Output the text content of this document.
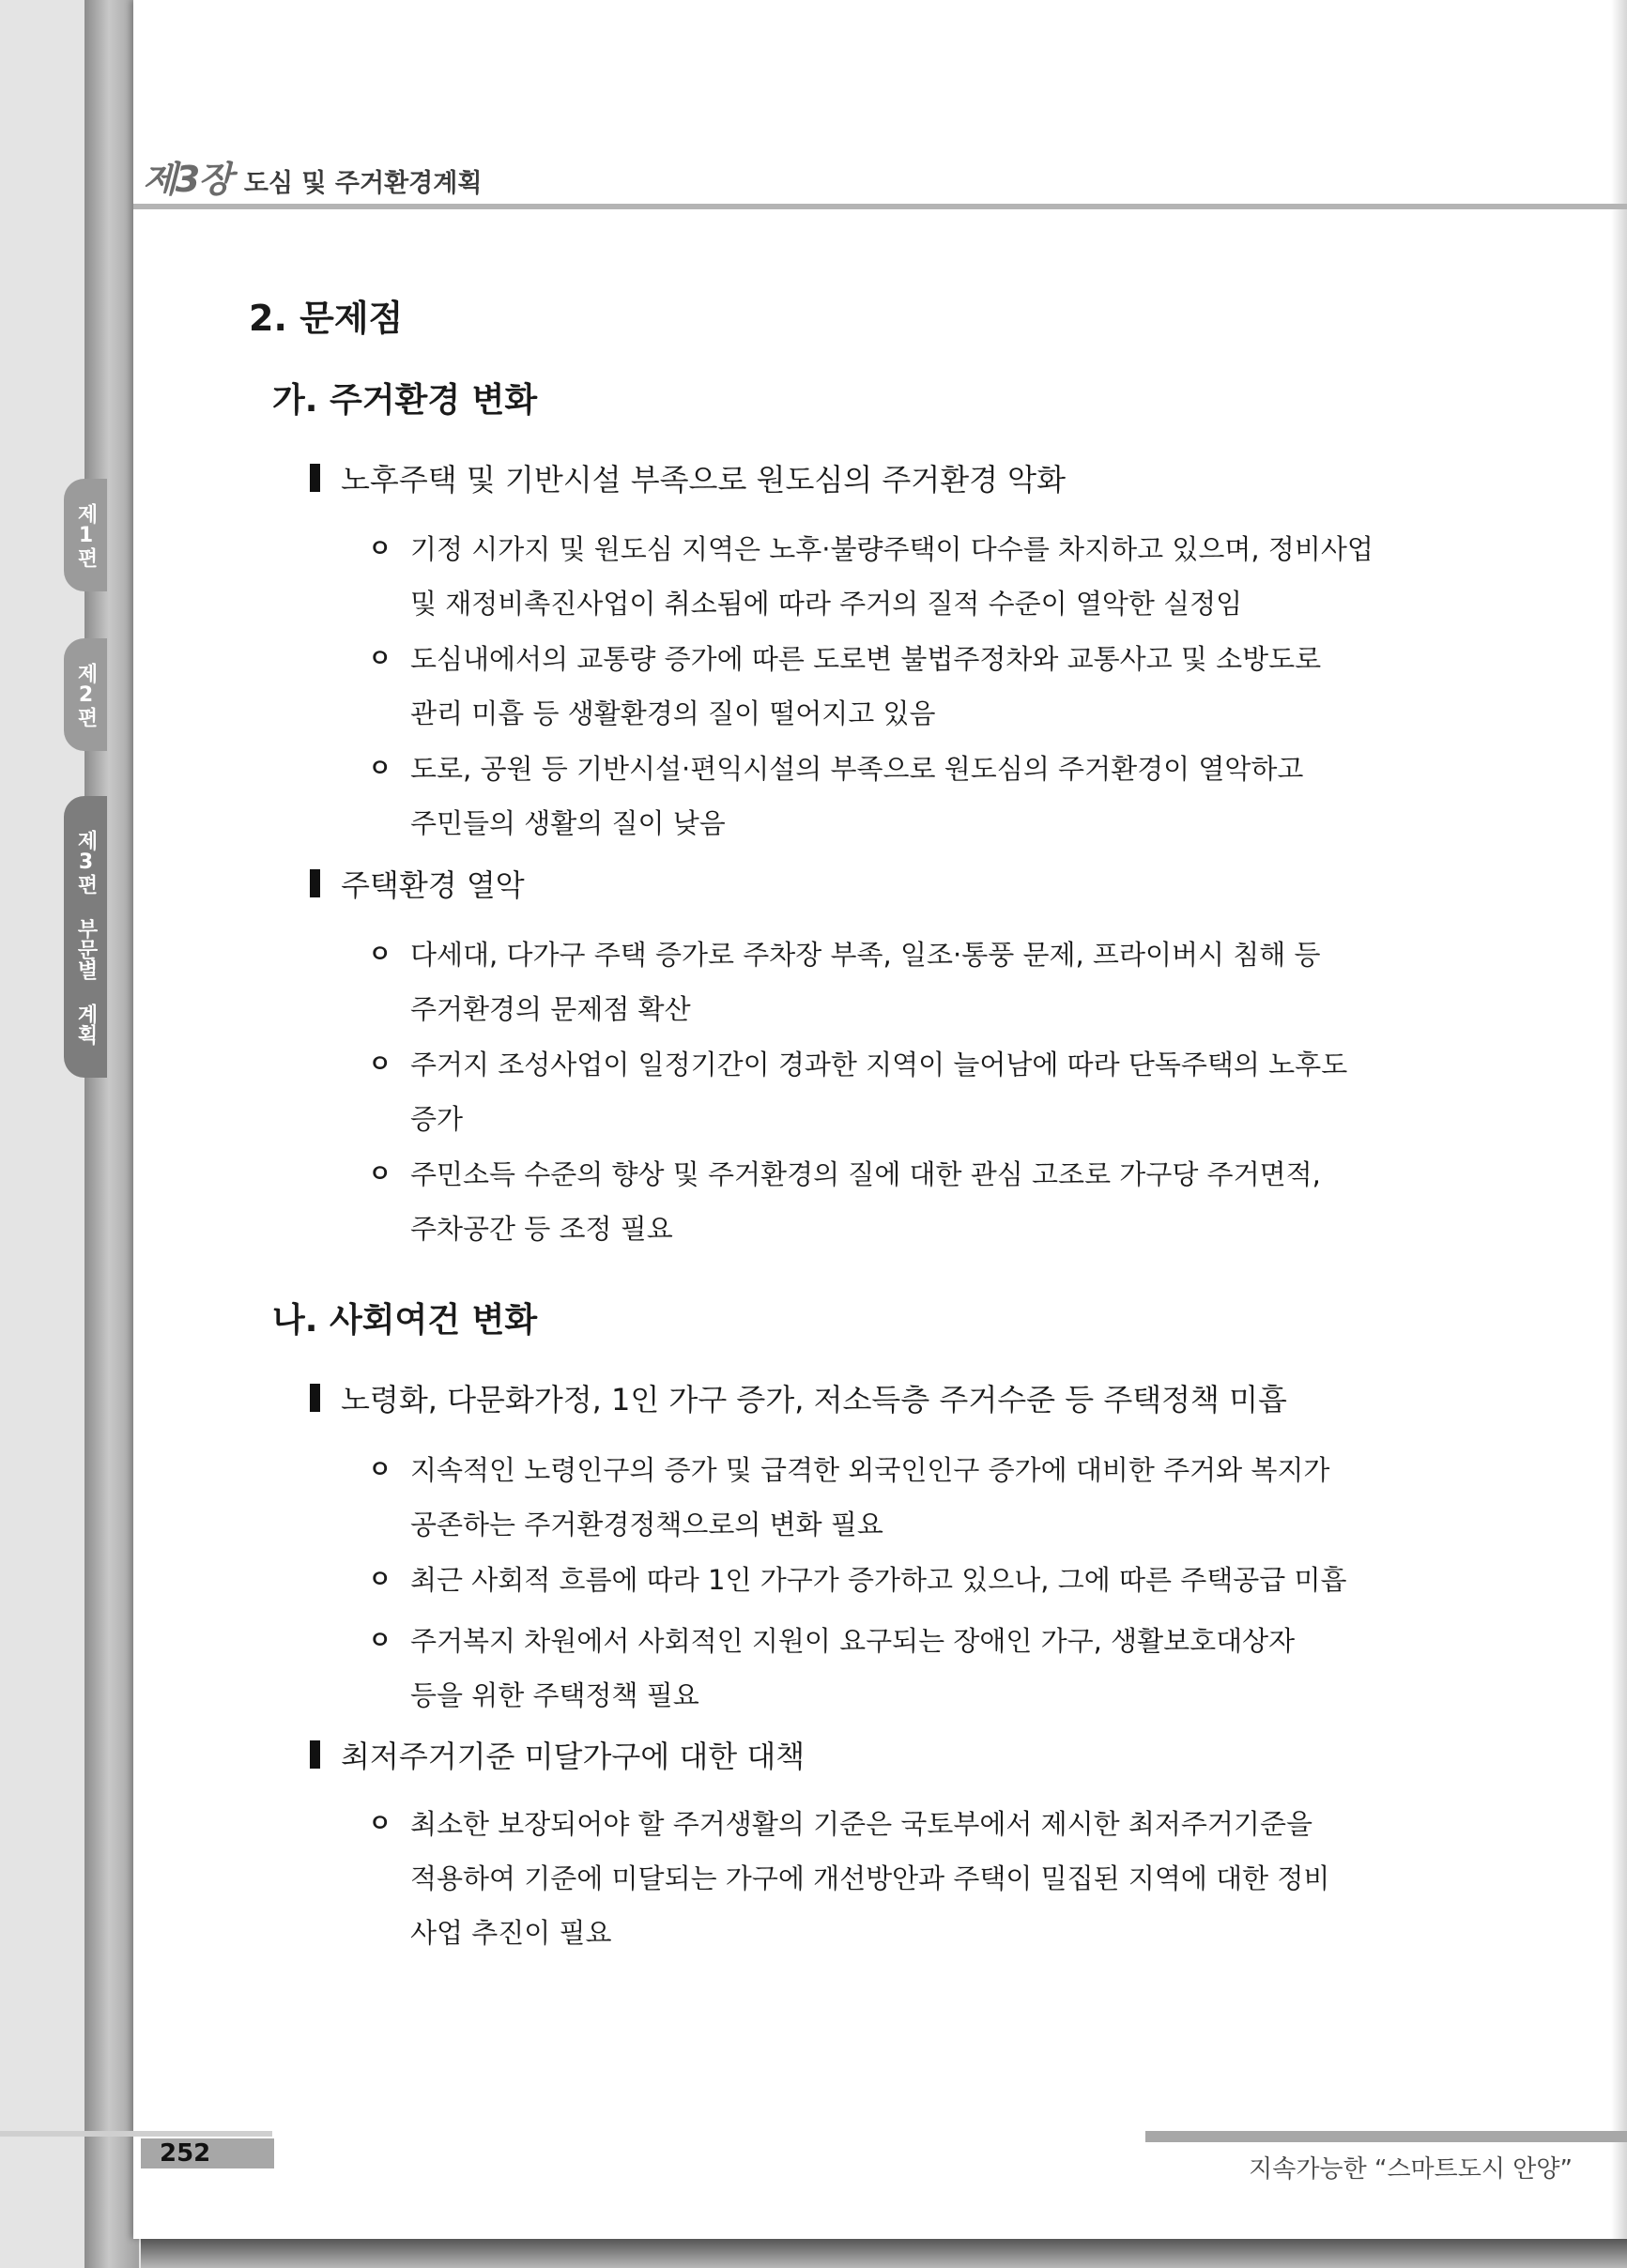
제1편
제2편
제3편 부문별 계획
제3장 도심 및 주거환경계획
2. 문제점
가. 주거환경 변화
노후주택 및 기반시설 부족으로 원도심의 주거환경 악화
ㅇ 기정 시가지 및 원도심 지역은 노후·불량주택이 다수를 차지하고 있으며, 정비사업
및 재정비촉진사업이 취소됨에 따라 주거의 질적 수준이 열악한 실정임
ㅇ 도심내에서의 교통량 증가에 따른 도로변 불법주정차와 교통사고 및 소방도로
관리 미흡 등 생활환경의 질이 떨어지고 있음
ㅇ 도로, 공원 등 기반시설·편익시설의 부족으로 원도심의 주거환경이 열악하고
주민들의 생활의 질이 낮음
주택환경 열악
ㅇ 다세대, 다가구 주택 증가로 주차장 부족, 일조·통풍 문제, 프라이버시 침해 등
주거환경의 문제점 확산
ㅇ 주거지 조성사업이 일정기간이 경과한 지역이 늘어남에 따라 단독주택의 노후도
증가
ㅇ 주민소득 수준의 향상 및 주거환경의 질에 대한 관심 고조로 가구당 주거면적,
주차공간 등 조정 필요
나. 사회여건 변화
노령화, 다문화가정, 1인 가구 증가, 저소득층 주거수준 등 주택정책 미흡
ㅇ 지속적인 노령인구의 증가 및 급격한 외국인인구 증가에 대비한 주거와 복지가
공존하는 주거환경정책으로의 변화 필요
ㅇ 최근 사회적 흐름에 따라 1인 가구가 증가하고 있으나, 그에 따른 주택공급 미흡
ㅇ 주거복지 차원에서 사회적인 지원이 요구되는 장애인 가구, 생활보호대상자
등을 위한 주택정책 필요
최저주거기준 미달가구에 대한 대책
ㅇ 최소한 보장되어야 할 주거생활의 기준은 국토부에서 제시한 최저주거기준을
적용하여 기준에 미달되는 가구에 개선방안과 주택이 밀집된 지역에 대한 정비
사업 추진이 필요
252
지속가능한 “스마트도시 안양”
